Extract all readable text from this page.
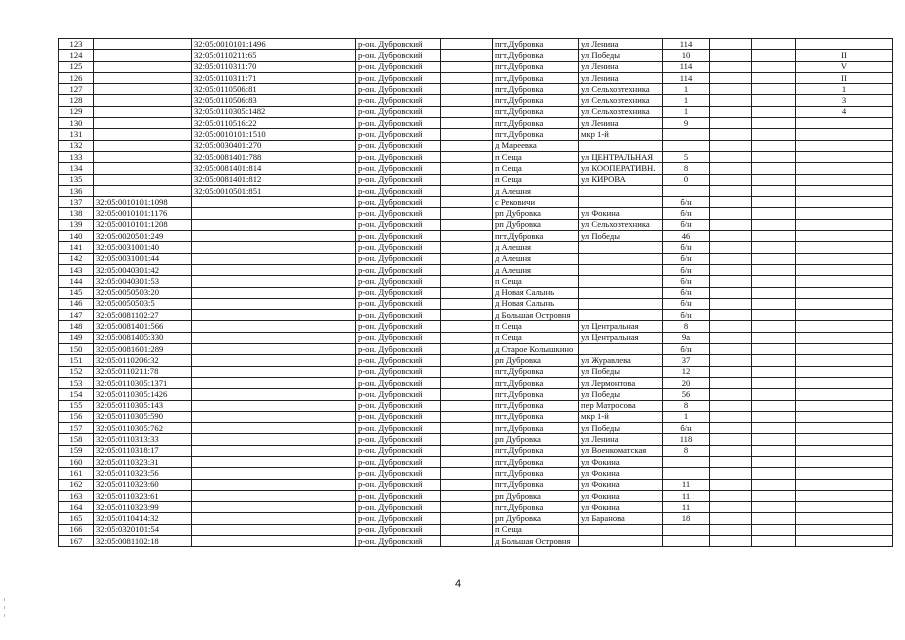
123		32:05:0010101:1496	р-он. Дубровский		пгт.Дубровка	ул Ленина	114			
124		32:05:0110211:65	р-он. Дубровский		пгт.Дубровка	ул Победы	10			II
125		32:05:0110311:70	р-он. Дубровский		пгт.Дубровка	ул Ленина	114			V
126		32:05:0110311:71	р-он. Дубровский		пгт.Дубровка	ул Ленина	114			II
127		32:05:0110506:81	р-он. Дубровский		пгт.Дубровка	ул Сельхозтехника	1			1
128		32:05:0110506:83	р-он. Дубровский		пгт.Дубровка	ул Сельхозтехника	1			3
129		32:05:0110305:1482	р-он. Дубровский		пгт.Дубровка	ул Сельхозтехника	1			4
130		32:05:0110516:22	р-он. Дубровский		пгт.Дубровка	ул Ленина	9			
131		32:05:0010101:1510	р-он. Дубровский		пгт.Дубровка	мкр 1-й				
132		32:05:0030401:270	р-он. Дубровский		д Мареевка					
133		32:05:0081401:788	р-он. Дубровский		п Сеща	ул ЦЕНТРАЛЬНАЯ	5			
134		32:05:0081401:814	р-он. Дубровский		п Сеща	ул КООПЕРАТИВН.	8			
135		32:05:0081401:812	р-он. Дубровский		п Сеща	ул КИРОВА	0			
136		32:05:0010501:851	р-он. Дубровский		д Алешня					
137	32:05:0010101:1098		р-он. Дубровский		с Рековичи		б/н			
138	32:05:0010101:1176		р-он. Дубровский		рп Дубровка	ул Фокина	б/н			
139	32:05:0010101:1208		р-он. Дубровский		рп Дубровка	ул Сельхозтехника	б/н			
140	32:05:0020501:249		р-он. Дубровский		пгт.Дубровка	ул Победы	46			
141	32:05:0031001:40		р-он. Дубровский		д Алешня		б/н			
142	32:05:0031001:44		р-он. Дубровский		д Алешня		б/н			
143	32:05:0040301:42		р-он. Дубровский		д Алешня		б/н			
144	32:05:0040301:53		р-он. Дубровский		п Сеща		б/н			
145	32:05:0050503:20		р-он. Дубровский		д Новая Салынь		б/н			
146	32:05:0050503:5		р-он. Дубровский		д Новая Салынь		б/н			
147	32:05:0081102:27		р-он. Дубровский		д Большая Островня		б/н			
148	32:05:0081401:566		р-он. Дубровский		п Сеща	ул Центральная	8			
149	32:05:0081405:330		р-он. Дубровский		п Сеща	ул Центральная	9а			
150	32:05:0081601:289		р-он. Дубровский		д Старое Колышкино		б/н			
151	32:05:0110206:32		р-он. Дубровский		рп Дубровка	ул Журавлева	37			
152	32:05:0110211:78		р-он. Дубровский		пгт.Дубровка	ул Победы	12			
153	32:05:0110305:1371		р-он. Дубровский		пгт.Дубровка	ул Лермонтова	20			
154	32:05:0110305:1426		р-он. Дубровский		пгт.Дубровка	ул Победы	56			
155	32:05:0110305:143		р-он. Дубровский		пгт.Дубровка	пер Матросова	8			
156	32:05:0110305:590		р-он. Дубровский		пгт.Дубровка	мкр 1-й	1			
157	32:05:0110305:762		р-он. Дубровский		пгт.Дубровка	ул Победы	б/н			
158	32:05:0110313:33		р-он. Дубровский		рп Дубровка	ул Ленина	118			
159	32:05:0110318:17		р-он. Дубровский		пгт.Дубровка	ул Военкоматская	8			
160	32:05:0110323:31		р-он. Дубровский		пгт.Дубровка	ул Фокина				
161	32:05:0110323:56		р-он. Дубровский		пгт.Дубровка	ул Фокина				
162	32:05:0110323:60		р-он. Дубровский		пгт.Дубровка	ул Фокина	11			
163	32:05:0110323:61		р-он. Дубровский		рп Дубровка	ул Фокина	11			
164	32:05:0110323:99		р-он. Дубровский		пгт.Дубровка	ул Фокина	11			
165	32:05:0110414:32		р-он. Дубровский		рп Дубровка	ул Баранова	18			
166	32:05:0320101:54		р-он. Дубровский		п Сеща					
167	32:05:0081102:18		р-он. Дубровский		д Большая Островня					
4
